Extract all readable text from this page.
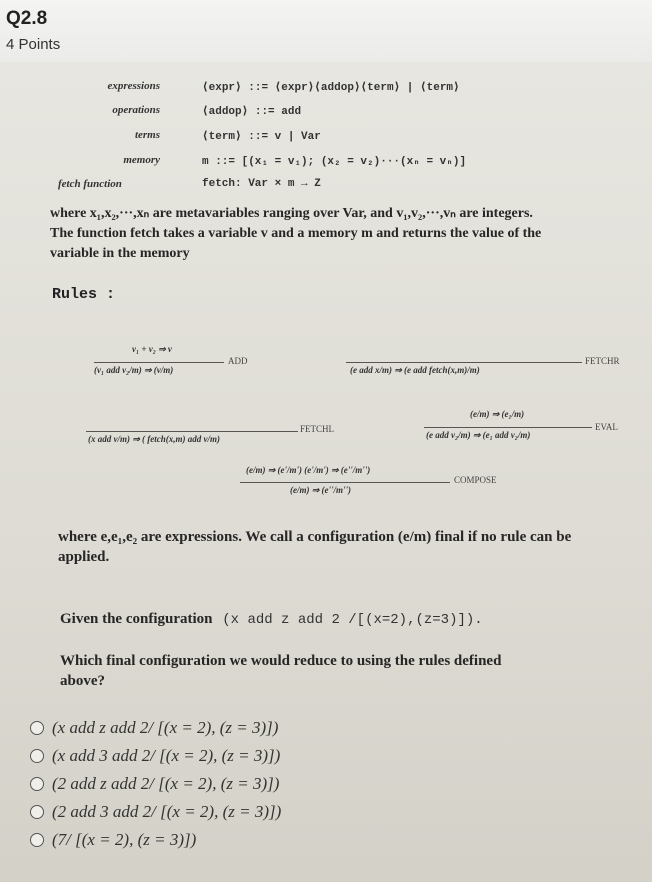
Q2.8
4 Points
expressions	⟨expr⟩ ::= ⟨expr⟩⟨addop⟩⟨term⟩ | ⟨term⟩
operations	⟨addop⟩ ::= add
terms	⟨term⟩ ::= v | Var
memory	m ::= [(x₁ = v₁); (x₂ = v₂)···(xₙ = vₙ)]
fetch function	fetch: Var × m → Z
where x₁,x₂,···,xₙ are metavariables ranging over Var, and v₁,v₂,···,vₙ are integers.
The function fetch takes a variable v and a memory m and returns the value of the
variable in the memory
Rules :
v₁ + v₂ ⇒ v
ADD
(v₁ add v₂/m) ⇒ (v/m)
FETCHR
(e add x/m) ⇒ (e add fetch(x,m)/m)
FETCHL
(x add v/m) ⇒ ( fetch(x,m) add v/m)
(e/m) ⇒ (e₁/m)
EVAL
(e add v₂/m) ⇒ (e₁ add v₂/m)
(e/m) ⇒ (e'/m') (e'/m') ⇒ (e''/m'')
COMPOSE
(e/m) ⇒ (e''/m'')
where e,e₁,e₂ are expressions. We call a configuration (e/m) final if no rule can be
applied.
Given the configuration (x add z add 2 /[(x=2),(z=3)]).
Which final configuration we would reduce to using the rules defined
above?
(x add z add 2/ [(x = 2), (z = 3)])
(x add 3 add 2/ [(x = 2), (z = 3)])
(2 add z add 2/ [(x = 2), (z = 3)])
(2 add 3 add 2/ [(x = 2), (z = 3)])
(7/ [(x = 2), (z = 3)])
